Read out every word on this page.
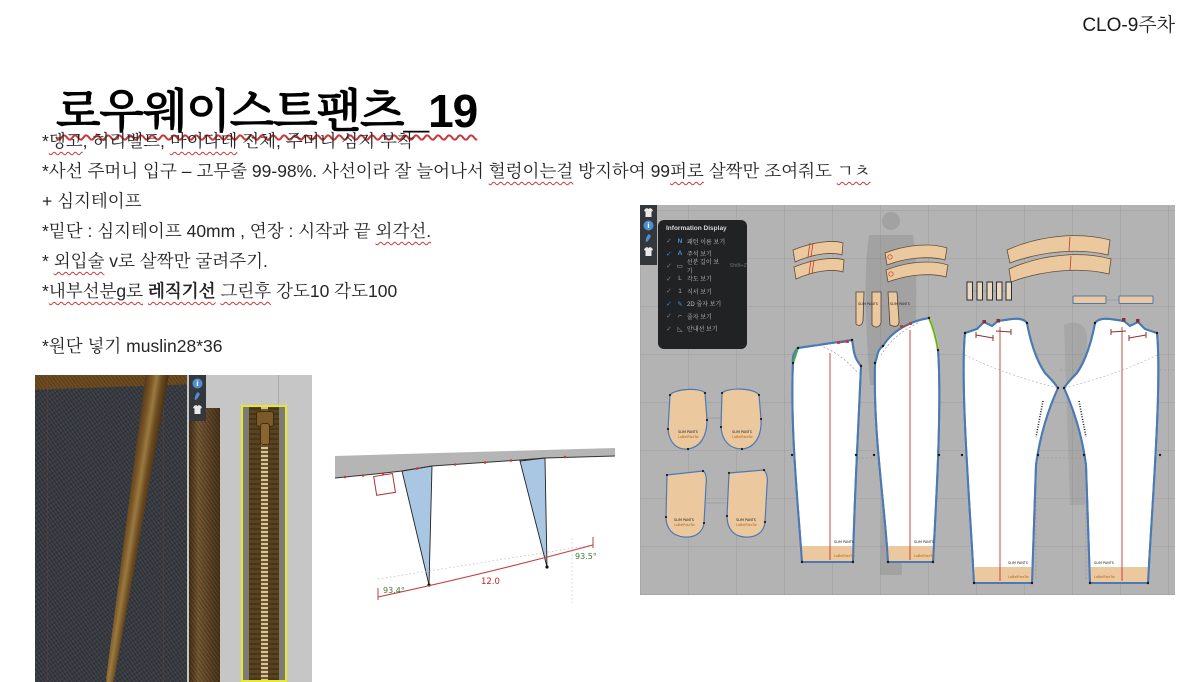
CLO-9주차
로우웨이스트팬츠_19
*뎅고, 허리벨트, 마이다데 전체, 주머니 심지 부착
*사선 주머니 입구 – 고무줄 99-98%. 사선이라 잘 늘어나서 헐렁이는걸 방지하여 99퍼로 살짝만 조여줘도 ㄱㅊ
+ 심지테이프
*밑단 : 심지테이프 40mm , 연장 : 시작과 끝 외각선.
* 외입술 v로 살짝만 굴려주기.
*내부선분g로 레직기선 그린후 강도10 각도100
*원단 넣기 muslin28*36
i
93.4°
93.5°
12.0
i	Information Display
✓ N 패턴 이름 보기
✓ A 주석 보기
✓ ▭ 선분 길이 보기
Shift+Z
✓ L 각도 보기
✓ 1 식서 보기
✓ ✎ 2D 줄자 보기
✓ ⌐ 줄자 보기
✓ ◺ 안내선 보기
SLIM PANTS	SLIM PANTS
SLIM PANTS	SLIM PANTS
LoBelRiseTw	LoBelRiseTw
LoBelRiseTw	LoBelRiseTw
SLIM PANTS
LoBelRiseTw
SLIM PANTS
LoBelRiseTw
SLIM PANTS
LoBelRiseTw
SLIM PANTS
LoBelRiseTw
SLIM PANTS	SLIM PANTS
